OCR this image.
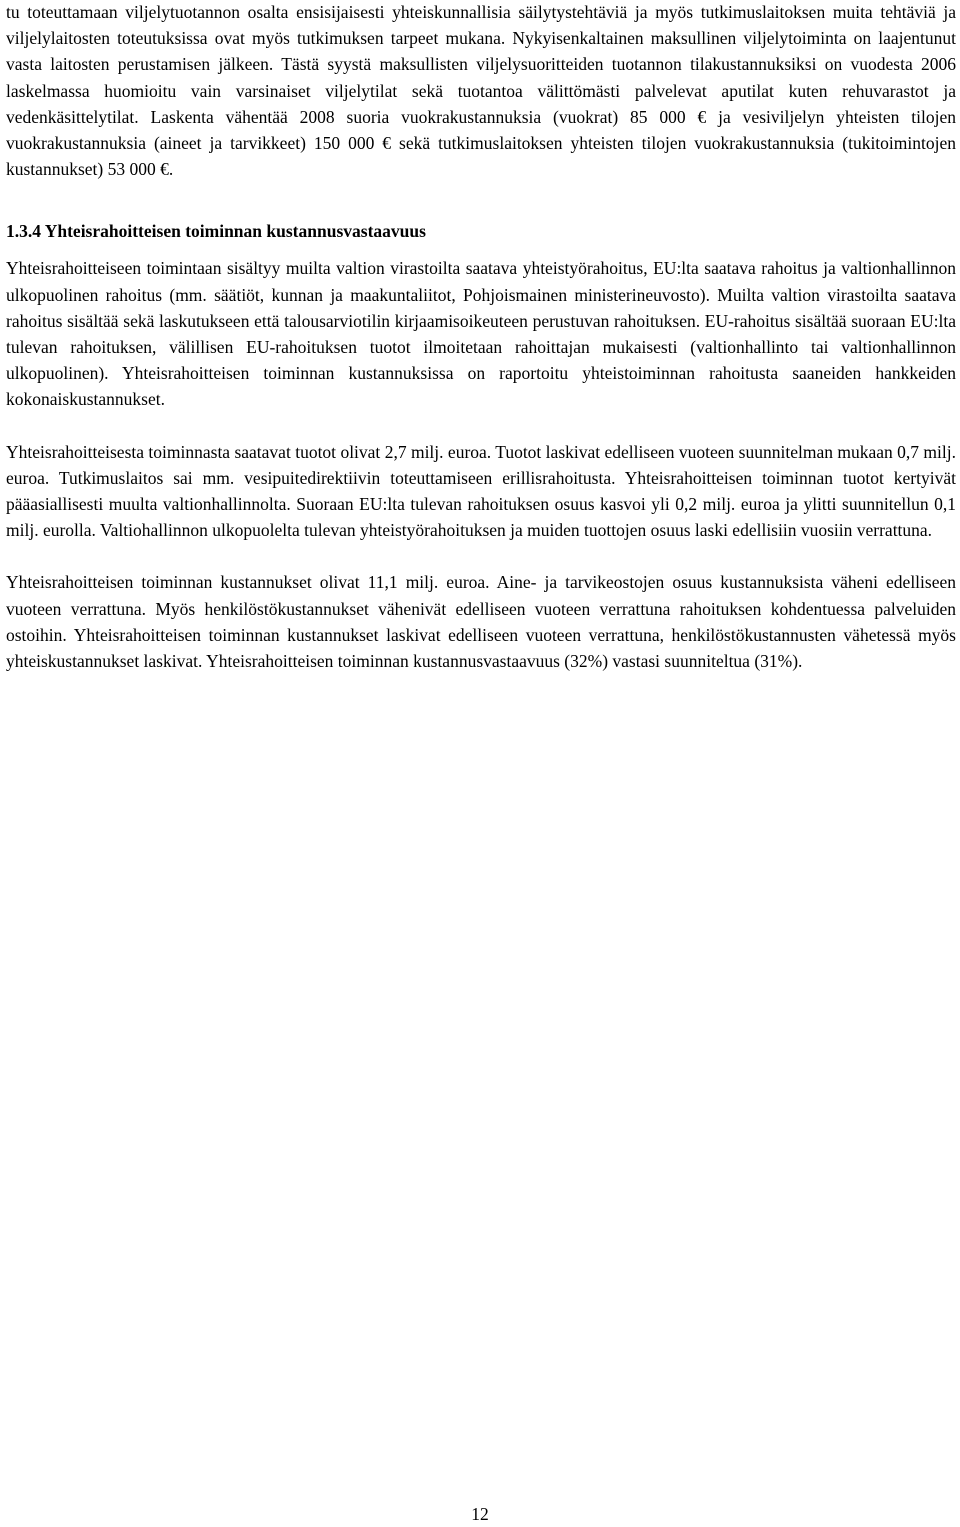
tu toteuttamaan viljelytuotannon osalta ensisijaisesti yhteiskunnallisia säilytystehtäviä ja myös tutkimuslaitoksen muita tehtäviä ja viljelylaitosten toteutuksissa ovat myös tutkimuksen tarpeet mukana. Nykyisenkaltainen maksullinen viljelytoiminta on laajentunut vasta laitosten perustamisen jälkeen. Tästä syystä maksullisten viljelysuoritteiden tuotannon tilakustannuksiksi on vuodesta 2006 laskelmassa huomioitu vain varsinaiset viljelytilat sekä tuotantoa välittömästi palvelevat aputilat kuten rehuvarastot ja vedenkäsittelytilat. Laskenta vähentää 2008 suoria vuokrakustannuksia (vuokrat) 85 000 € ja vesiviljelyn yhteisten tilojen vuokrakustannuksia (aineet ja tarvikkeet) 150 000 € sekä tutkimuslaitoksen yhteisten tilojen vuokrakustannuksia (tukitoimintojen kustannukset) 53 000 €.

1.3.4 Yhteisrahoitteisen toiminnan kustannusvastaavuus

Yhteisrahoitteiseen toimintaan sisältyy muilta valtion virastoilta saatava yhteistyörahoitus, EU:lta saatava rahoitus ja valtionhallinnon ulkopuolinen rahoitus (mm. säätiöt, kunnan ja maakuntaliitot, Pohjoismainen ministerineuvosto). Muilta valtion virastoilta saatava rahoitus sisältää sekä laskutukseen että talousarviotilin kirjaamisoikeuteen perustuvan rahoituksen. EU-rahoitus sisältää suoraan EU:lta tulevan rahoituksen, välillisen EU-rahoituksen tuotot ilmoitetaan rahoittajan mukaisesti (valtionhallinto tai valtionhallinnon ulkopuolinen). Yhteisrahoitteisen toiminnan kustannuksissa on raportoitu yhteistoiminnan rahoitusta saaneiden hankkeiden kokonaiskustannukset.

Yhteisrahoitteisesta toiminnasta saatavat tuotot olivat 2,7 milj. euroa. Tuotot laskivat edelliseen vuoteen suunnitelman mukaan 0,7 milj. euroa. Tutkimuslaitos sai mm. vesipuitedirektiivin toteuttamiseen erillisrahoitusta. Yhteisrahoitteisen toiminnan tuotot kertyivät pääasiallisesti muulta valtionhallinnolta. Suoraan EU:lta tulevan rahoituksen osuus kasvoi yli 0,2 milj. euroa ja ylitti suunnitellun 0,1 milj. eurolla. Valtiohallinnon ulkopuolelta tulevan yhteistyörahoituksen ja muiden tuottojen osuus laski edellisiin vuosiin verrattuna.

Yhteisrahoitteisen toiminnan kustannukset olivat 11,1 milj. euroa. Aine- ja tarvikeostojen osuus kustannuksista väheni edelliseen vuoteen verrattuna. Myös henkilöstökustannukset vähenivät edelliseen vuoteen verrattuna rahoituksen kohdentuessa palveluiden ostoihin. Yhteisrahoitteisen toiminnan kustannukset laskivat edelliseen vuoteen verrattuna, henkilöstökustannusten vähetessä myös yhteiskustannukset laskivat. Yhteisrahoitteisen toiminnan kustannusvastaavuus (32%) vastasi suunniteltua (31%).

12
